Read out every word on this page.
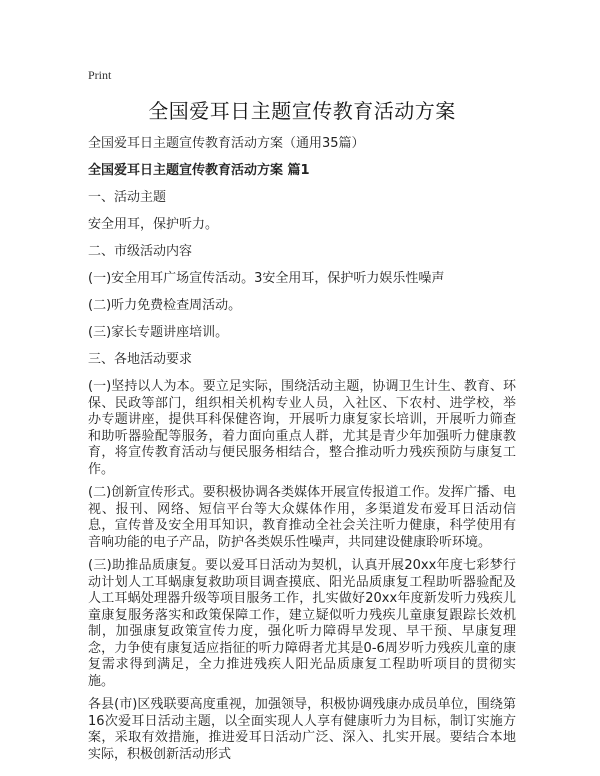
Print
全国爱耳日主题宣传教育活动方案

全国爱耳日主题宣传教育活动方案（通用35篇）

全国爱耳日主题宣传教育活动方案 篇1

一、活动主题

安全用耳，保护听力。

二、市级活动内容

(一)安全用耳广场宣传活动。3安全用耳，保护听力娱乐性噪声

(二)听力免费检查周活动。

(三)家长专题讲座培训。

三、各地活动要求

(一)坚持以人为本。要立足实际，围绕活动主题，协调卫生计生、教育、环保、民政等部门，组织相关机构专业人员，入社区、下农村、进学校，举办专题讲座，提供耳科保健咨询，开展听力康复家长培训，开展听力筛查和助听器验配等服务，着力面向重点人群，尤其是青少年加强听力健康教育，将宣传教育活动与便民服务相结合，整合推动听力残疾预防与康复工作。

(二)创新宣传形式。要积极协调各类媒体开展宣传报道工作。发挥广播、电视、报刊、网络、短信平台等大众媒体作用，多渠道发布爱耳日活动信息，宣传普及安全用耳知识，教育推动全社会关注听力健康，科学使用有音响功能的电子产品，防护各类娱乐性噪声，共同建设健康聆听环境。

(三)助推品质康复。要以爱耳日活动为契机，认真开展20xx年度七彩梦行动计划人工耳蜗康复救助项目调查摸底、阳光品质康复工程助听器验配及人工耳蜗处理器升级等项目服务工作，扎实做好20xx年度新发听力残疾儿童康复服务落实和政策保障工作，建立疑似听力残疾儿童康复跟踪长效机制，加强康复政策宣传力度，强化听力障碍早发现、早干预、早康复理念，力争使有康复适应指征的听力障碍者尤其是0-6周岁听力残疾儿童的康复需求得到满足，全力推进残疾人阳光品质康复工程助听项目的贯彻实施。

各县(市)区残联要高度重视，加强领导，积极协调残康办成员单位，围绕第16次爱耳日活动主题，以全面实现人人享有健康听力为目标，制订实施方案，采取有效措施，推进爱耳日活动广泛、深入、扎实开展。要结合本地实际，积极创新活动形式
